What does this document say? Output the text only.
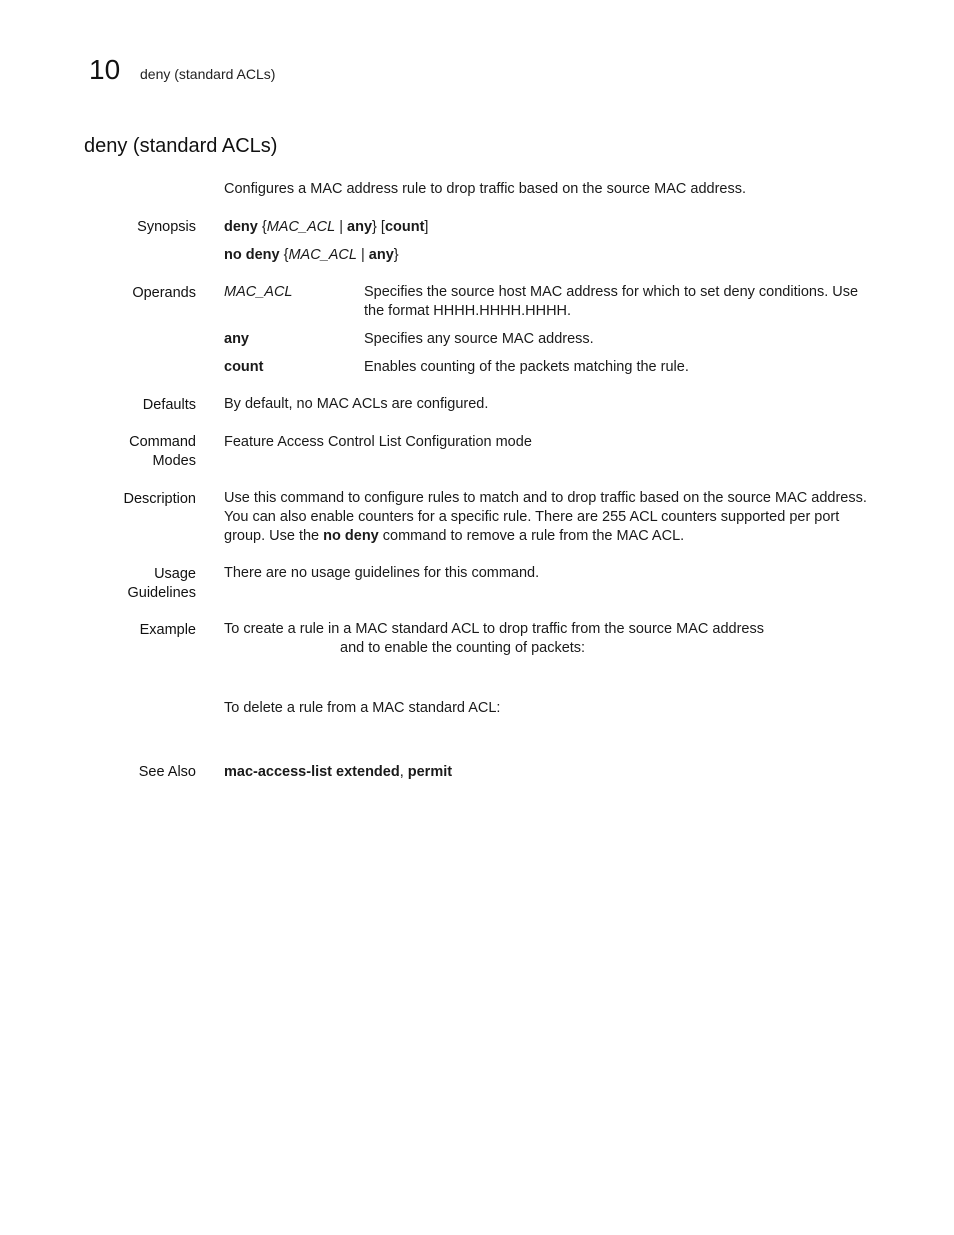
10 deny (standard ACLs)
deny (standard ACLs)
Configures a MAC address rule to drop traffic based on the source MAC address.
Synopsis deny {MAC_ACL | any} [count]
no deny {MAC_ACL | any}
Operands MAC_ACL	Specifies the source host MAC address for which to set deny conditions. Use the format HHHH.HHHH.HHHH.
any	Specifies any source MAC address.
count	Enables counting of the packets matching the rule.
Defaults By default, no MAC ACLs are configured.
Command
Modes
Feature Access Control List Configuration mode
Description Use this command to configure rules to match and to drop traffic based on the source MAC address. You can also enable counters for a specific rule. There are 255 ACL counters supported per port group. Use the no deny command to remove a rule from the MAC ACL.
Usage
Guidelines
There are no usage guidelines for this command.
Example To create a rule in a MAC standard ACL to drop traffic from the source MAC address
and to enable the counting of packets:
To delete a rule from a MAC standard ACL:
See Also mac-access-list extended, permit
